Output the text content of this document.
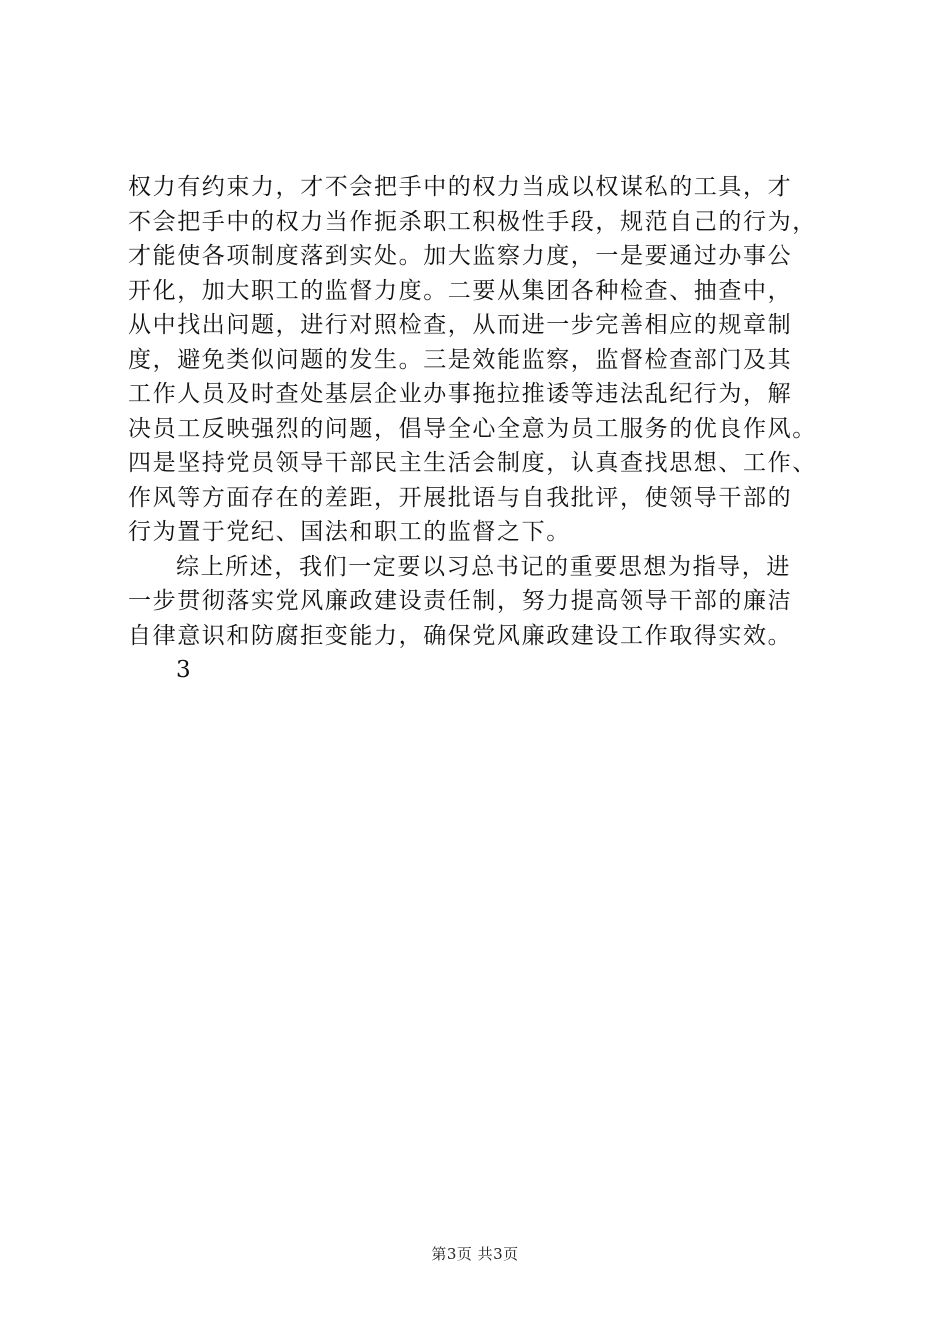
权力有约束力，才不会把手中的权力当成以权谋私的工具，才
不会把手中的权力当作扼杀职工积极性手段，规范自己的行为，
才能使各项制度落到实处。加大监察力度，一是要通过办事公
开化，加大职工的监督力度。二要从集团各种检查、抽查中，
从中找出问题，进行对照检查，从而进一步完善相应的规章制
度，避免类似问题的发生。三是效能监察，监督检查部门及其
工作人员及时查处基层企业办事拖拉推诿等违法乱纪行为，解
决员工反映强烈的问题，倡导全心全意为员工服务的优良作风。
四是坚持党员领导干部民主生活会制度，认真查找思想、工作、
作风等方面存在的差距，开展批语与自我批评，使领导干部的
行为置于党纪、国法和职工的监督之下。
综上所述，我们一定要以习总书记的重要思想为指导，进
一步贯彻落实党风廉政建设责任制，努力提高领导干部的廉洁
自律意识和防腐拒变能力，确保党风廉政建设工作取得实效。
3
第3页 共3页
